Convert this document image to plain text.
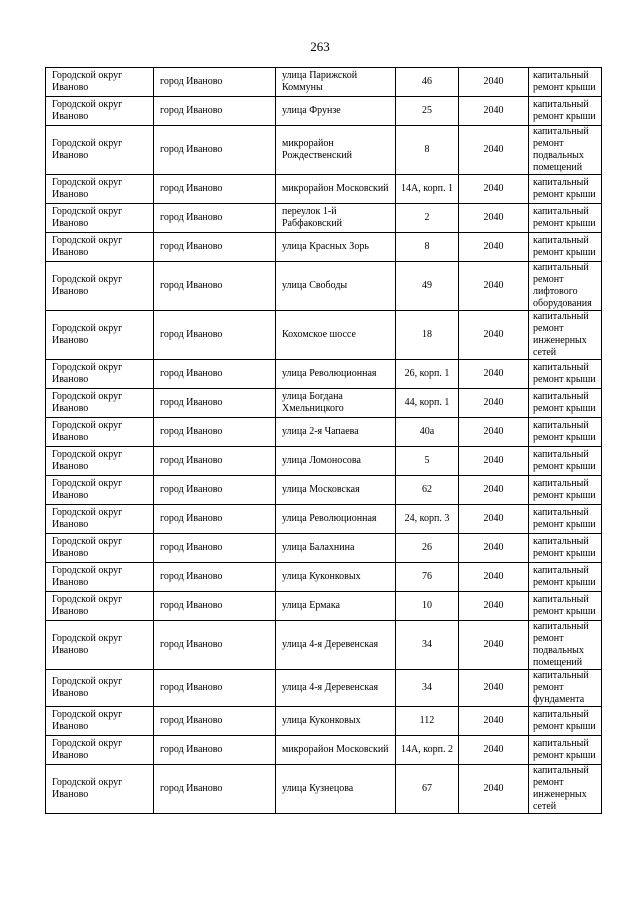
263
Городской округ Иваново	город Иваново	улица Парижской Коммуны	46	2040	капитальный ремонт крыши
Городской округ Иваново	город Иваново	улица Фрунзе	25	2040	капитальный ремонт крыши
Городской округ Иваново	город Иваново	микрорайон Рождественский	8	2040	капитальный ремонт подвальных помещений
Городской округ Иваново	город Иваново	микрорайон Московский	14А, корп. 1	2040	капитальный ремонт крыши
Городской округ Иваново	город Иваново	переулок 1-й Рабфаковский	2	2040	капитальный ремонт крыши
Городской округ Иваново	город Иваново	улица Красных Зорь	8	2040	капитальный ремонт крыши
Городской округ Иваново	город Иваново	улица Свободы	49	2040	капитальный ремонт лифтового оборудования
Городской округ Иваново	город Иваново	Кохомское шоссе	18	2040	капитальный ремонт инженерных сетей
Городской округ Иваново	город Иваново	улица Революционная	26, корп. 1	2040	капитальный ремонт крыши
Городской округ Иваново	город Иваново	улица Богдана Хмельницкого	44, корп. 1	2040	капитальный ремонт крыши
Городской округ Иваново	город Иваново	улица 2-я Чапаева	40а	2040	капитальный ремонт крыши
Городской округ Иваново	город Иваново	улица Ломоносова	5	2040	капитальный ремонт крыши
Городской округ Иваново	город Иваново	улица Московская	62	2040	капитальный ремонт крыши
Городской округ Иваново	город Иваново	улица Революционная	24, корп. 3	2040	капитальный ремонт крыши
Городской округ Иваново	город Иваново	улица Балахнина	26	2040	капитальный ремонт крыши
Городской округ Иваново	город Иваново	улица Куконковых	76	2040	капитальный ремонт крыши
Городской округ Иваново	город Иваново	улица Ермака	10	2040	капитальный ремонт крыши
Городской округ Иваново	город Иваново	улица 4-я Деревенская	34	2040	капитальный ремонт подвальных помещений
Городской округ Иваново	город Иваново	улица 4-я Деревенская	34	2040	капитальный ремонт фундамента
Городской округ Иваново	город Иваново	улица Куконковых	112	2040	капитальный ремонт крыши
Городской округ Иваново	город Иваново	микрорайон Московский	14А, корп. 2	2040	капитальный ремонт крыши
Городской округ Иваново	город Иваново	улица Кузнецова	67	2040	капитальный ремонт инженерных сетей
